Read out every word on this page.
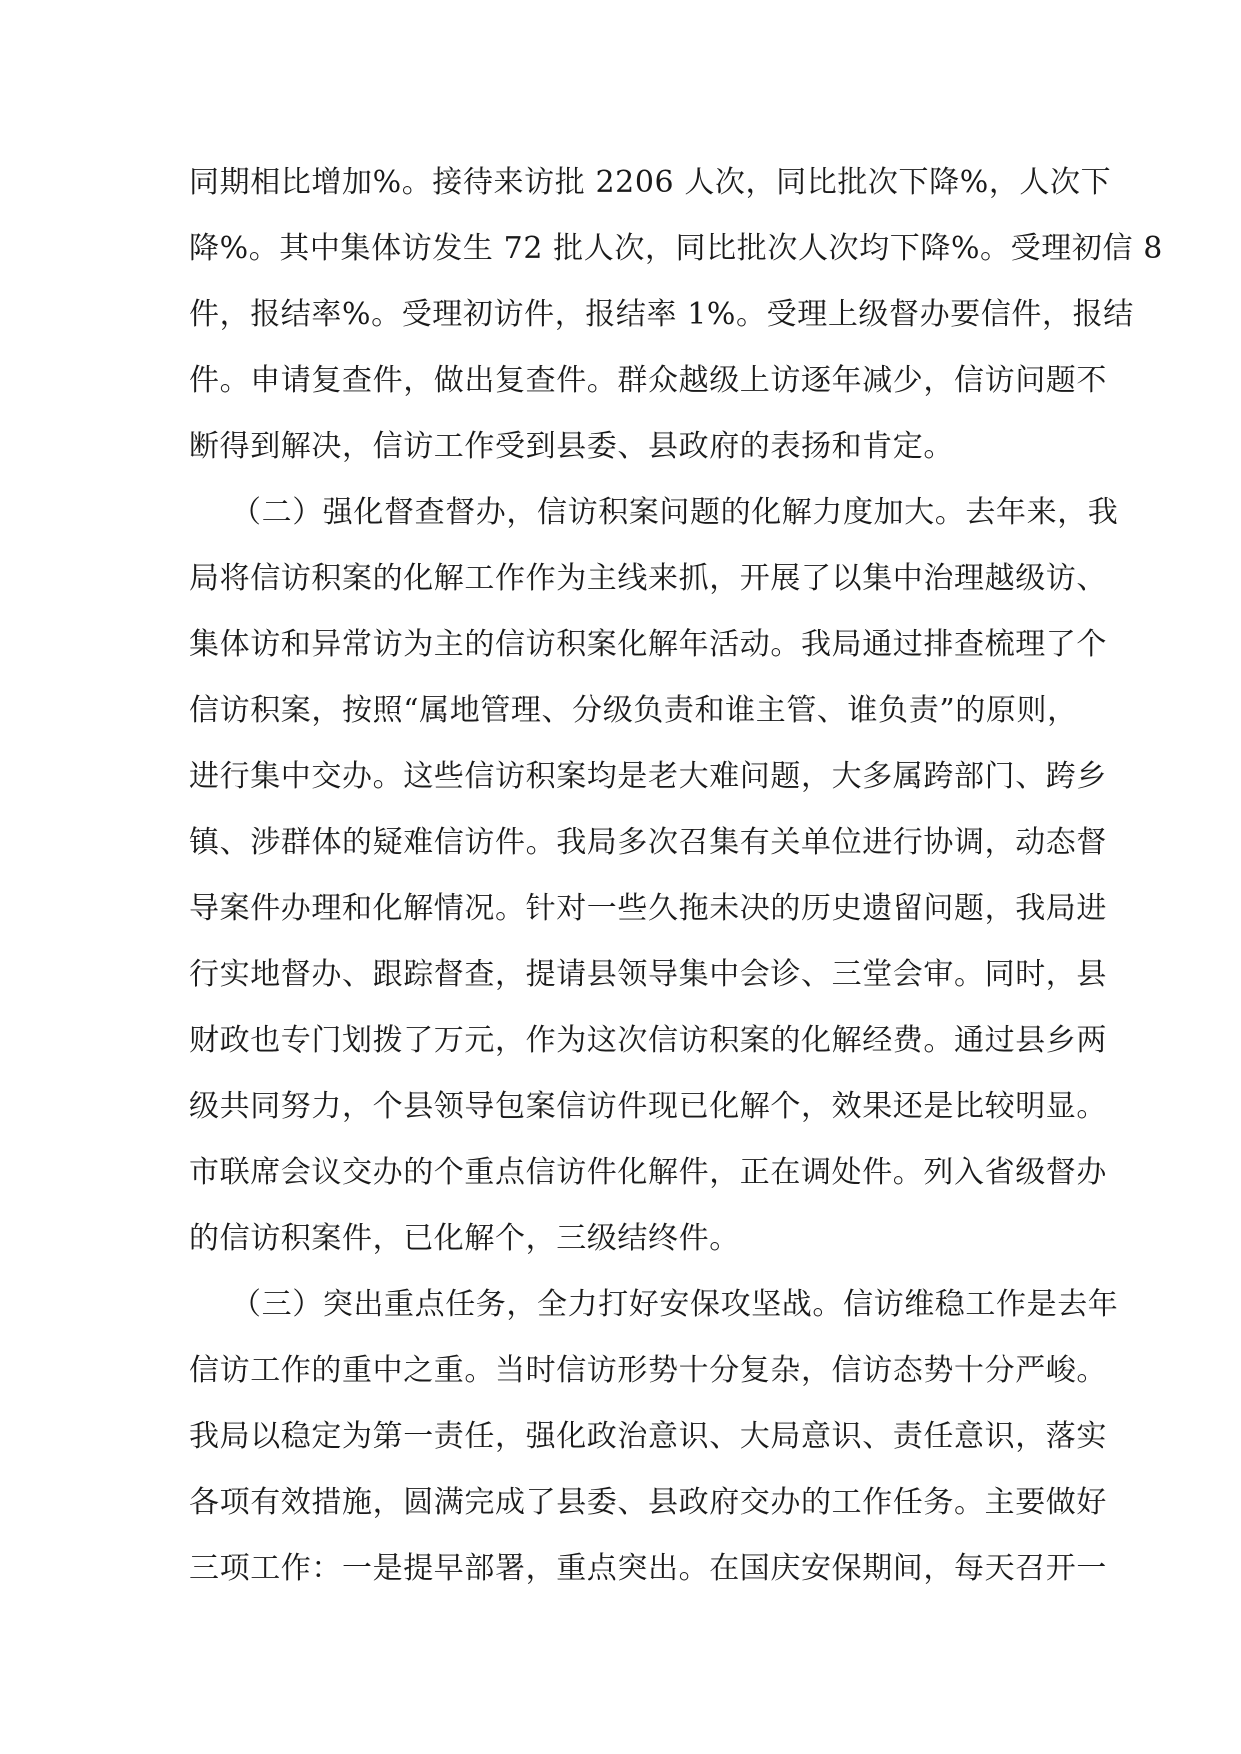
同期相比增加%。接待来访批 2206 人次，同比批次下降%，人次下
降%。其中集体访发生 72 批人次，同比批次人次均下降%。受理初信 8
件，报结率%。受理初访件，报结率 1%。受理上级督办要信件，报结
件。申请复查件，做出复查件。群众越级上访逐年减少，信访问题不
断得到解决，信访工作受到县委、县政府的表扬和肯定。
（二）强化督查督办，信访积案问题的化解力度加大。去年来，我
局将信访积案的化解工作作为主线来抓，开展了以集中治理越级访、
集体访和异常访为主的信访积案化解年活动。我局通过排查梳理了个
信访积案，按照“属地管理、分级负责和谁主管、谁负责”的原则，
进行集中交办。这些信访积案均是老大难问题，大多属跨部门、跨乡
镇、涉群体的疑难信访件。我局多次召集有关单位进行协调，动态督
导案件办理和化解情况。针对一些久拖未决的历史遗留问题，我局进
行实地督办、跟踪督查，提请县领导集中会诊、三堂会审。同时，县
财政也专门划拨了万元，作为这次信访积案的化解经费。通过县乡两
级共同努力，个县领导包案信访件现已化解个，效果还是比较明显。
市联席会议交办的个重点信访件化解件，正在调处件。列入省级督办
的信访积案件，已化解个，三级结终件。
（三）突出重点任务，全力打好安保攻坚战。信访维稳工作是去年
信访工作的重中之重。当时信访形势十分复杂，信访态势十分严峻。
我局以稳定为第一责任，强化政治意识、大局意识、责任意识，落实
各项有效措施，圆满完成了县委、县政府交办的工作任务。主要做好
三项工作：一是提早部署，重点突出。在国庆安保期间，每天召开一
